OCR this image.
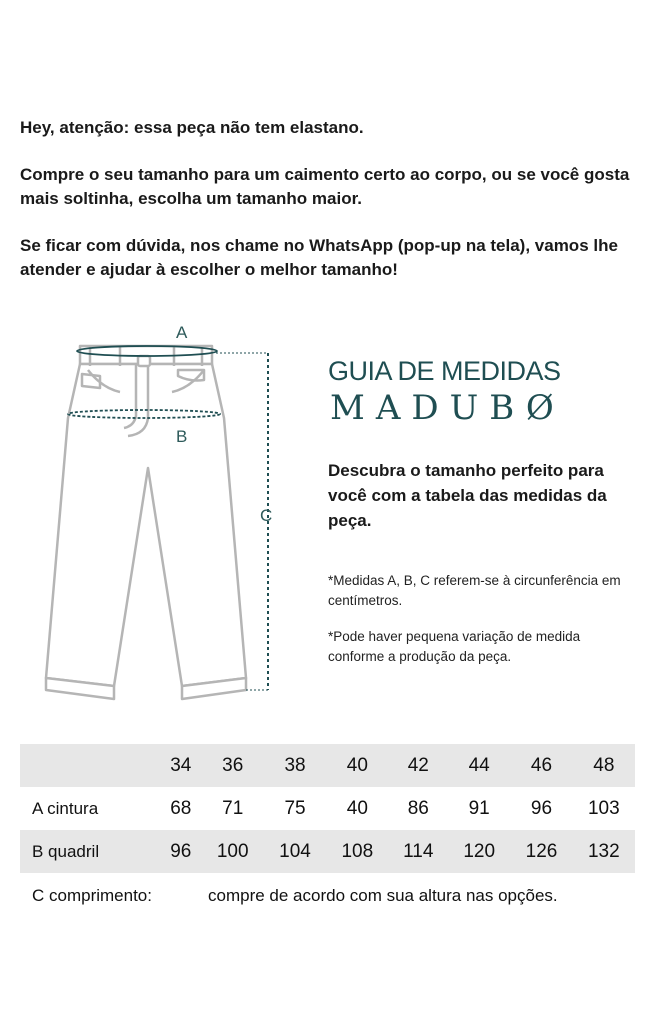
Hey, atenção: essa peça não tem elastano.

Compre o seu tamanho para um caimento certo ao corpo, ou se você gosta mais soltinha, escolha um tamanho maior.

Se ficar com dúvida, nos chame no WhatsApp (pop-up na tela), vamos lhe atender e ajudar à escolher o melhor tamanho!

A
B
C
GUIA DE MEDIDAS
MADUBØ
Descubra o tamanho perfeito para você com a tabela das medidas da peça.
*Medidas A, B, C referem-se à circunferência em centímetros.
*Pode haver pequena variação de medida conforme a produção da peça.
	34	36	38	40	42	44	46	48
A cintura	68	71	75	40	86	91	96	103
B quadril	96	100	104	108	114	120	126	132
C comprimento:	compre de acordo com sua altura nas opções.
